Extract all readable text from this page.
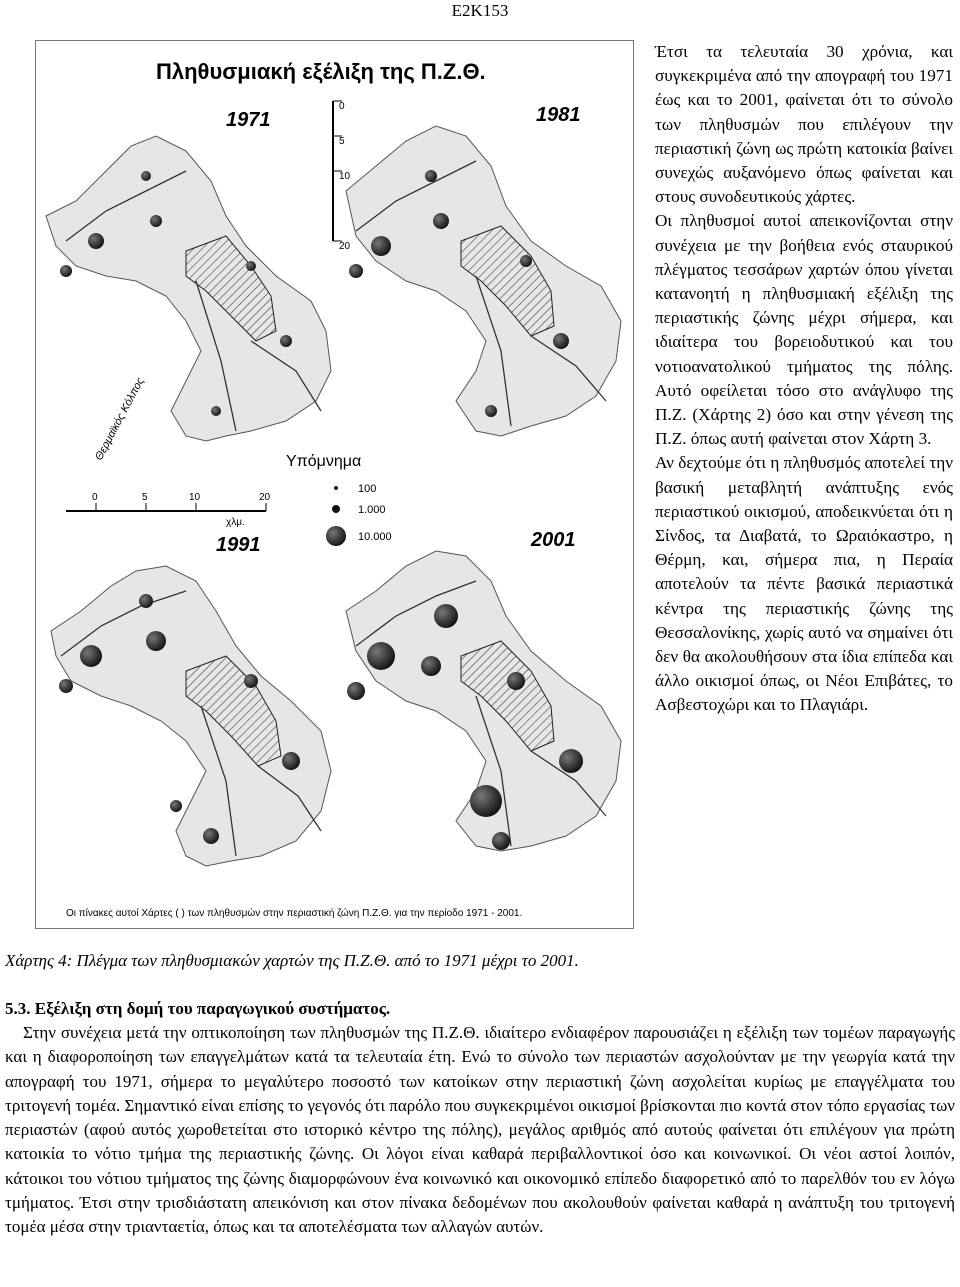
E2K153
Πληθυσμιακή εξέλιξη της Π.Ζ.Θ.
1971
Θερμαϊκός Κόλπος
1981
0
5
10
20
0	5	10	20
χλμ.
Υπόμνημα
100
1.000
10.000
1991	2001
Οι πίνακες αυτοί Χάρτες ( ) των πληθυσμών στην περιαστική ζώνη Π.Ζ.Θ. για την περίοδο 1971 - 2001.

Έτσι τα τελευταία 30 χρόνια, και συγκεκριμένα από την απογραφή του 1971 έως και το 2001, φαίνεται ότι το σύνολο των πληθυσμών που επιλέγουν την περιαστική ζώνη ως πρώτη κατοικία βαίνει συνεχώς αυξανόμενο όπως φαίνεται και στους συνοδευτικούς χάρτες.

Οι πληθυσμοί αυτοί απεικονίζονται στην συνέχεια με την βοήθεια ενός σταυρικού πλέγματος τεσσάρων χαρτών όπου γίνεται κατανοητή η πληθυσμιακή εξέλιξη της περιαστικής ζώνης μέχρι σήμερα, και ιδιαίτερα του βορειοδυτικού και του νοτιοανατολικού τμήματος της πόλης. Αυτό οφείλεται τόσο στο ανάγλυφο της Π.Ζ. (Χάρτης 2) όσο και στην γένεση της Π.Ζ. όπως αυτή φαίνεται στον Χάρτη 3.

Αν δεχτούμε ότι η πληθυσμός αποτελεί την βασική μεταβλητή ανάπτυξης ενός περιαστικού οικισμού, αποδεικνύεται ότι η Σίνδος, τα Διαβατά, το Ωραιόκαστρο, η Θέρμη, και, σήμερα πια, η Περαία αποτελούν τα πέντε βασικά περιαστικά κέντρα της περιαστικής ζώνης της Θεσσαλονίκης, χωρίς αυτό να σημαίνει ότι δεν θα ακολουθήσουν στα ίδια επίπεδα και άλλο οικισμοί όπως, οι Νέοι Επιβάτες, το Ασβεστοχώρι και το Πλαγιάρι.

Χάρτης 4: Πλέγμα των πληθυσμιακών χαρτών της Π.Ζ.Θ. από το 1971 μέχρι το 2001.
5.3. Εξέλιξη στη δομή του παραγωγικού συστήματος.

Στην συνέχεια μετά την οπτικοποίηση των πληθυσμών της Π.Ζ.Θ. ιδιαίτερο ενδιαφέρον παρουσιάζει η εξέλιξη των τομέων παραγωγής και η διαφοροποίηση των επαγγελμάτων κατά τα τελευταία έτη. Ενώ το σύνολο των περιαστών ασχολούνταν με την γεωργία κατά την απογραφή του 1971, σήμερα το μεγαλύτερο ποσοστό των κατοίκων στην περιαστική ζώνη ασχολείται κυρίως με επαγγέλματα του τριτογενή τομέα. Σημαντικό είναι επίσης το γεγονός ότι παρόλο που συγκεκριμένοι οικισμοί βρίσκονται πιο κοντά στον τόπο εργασίας των περιαστών (αφού αυτός χωροθετείται στο ιστορικό κέντρο της πόλης), μεγάλος αριθμός από αυτούς φαίνεται ότι επιλέγουν για πρώτη κατοικία το νότιο τμήμα της περιαστικής ζώνης. Οι λόγοι είναι καθαρά περιβαλλοντικοί όσο και κοινωνικοί. Οι νέοι αστοί λοιπόν, κάτοικοι του νότιου τμήματος της ζώνης διαμορφώνουν ένα κοινωνικό και οικονομικό επίπεδο διαφορετικό από το παρελθόν του εν λόγω τμήματος. Έτσι στην τρισδιάστατη απεικόνιση και στον πίνακα δεδομένων που ακολουθούν φαίνεται καθαρά η ανάπτυξη του τριτογενή τομέα μέσα στην τριανταετία, όπως και τα αποτελέσματα των αλλαγών αυτών.
